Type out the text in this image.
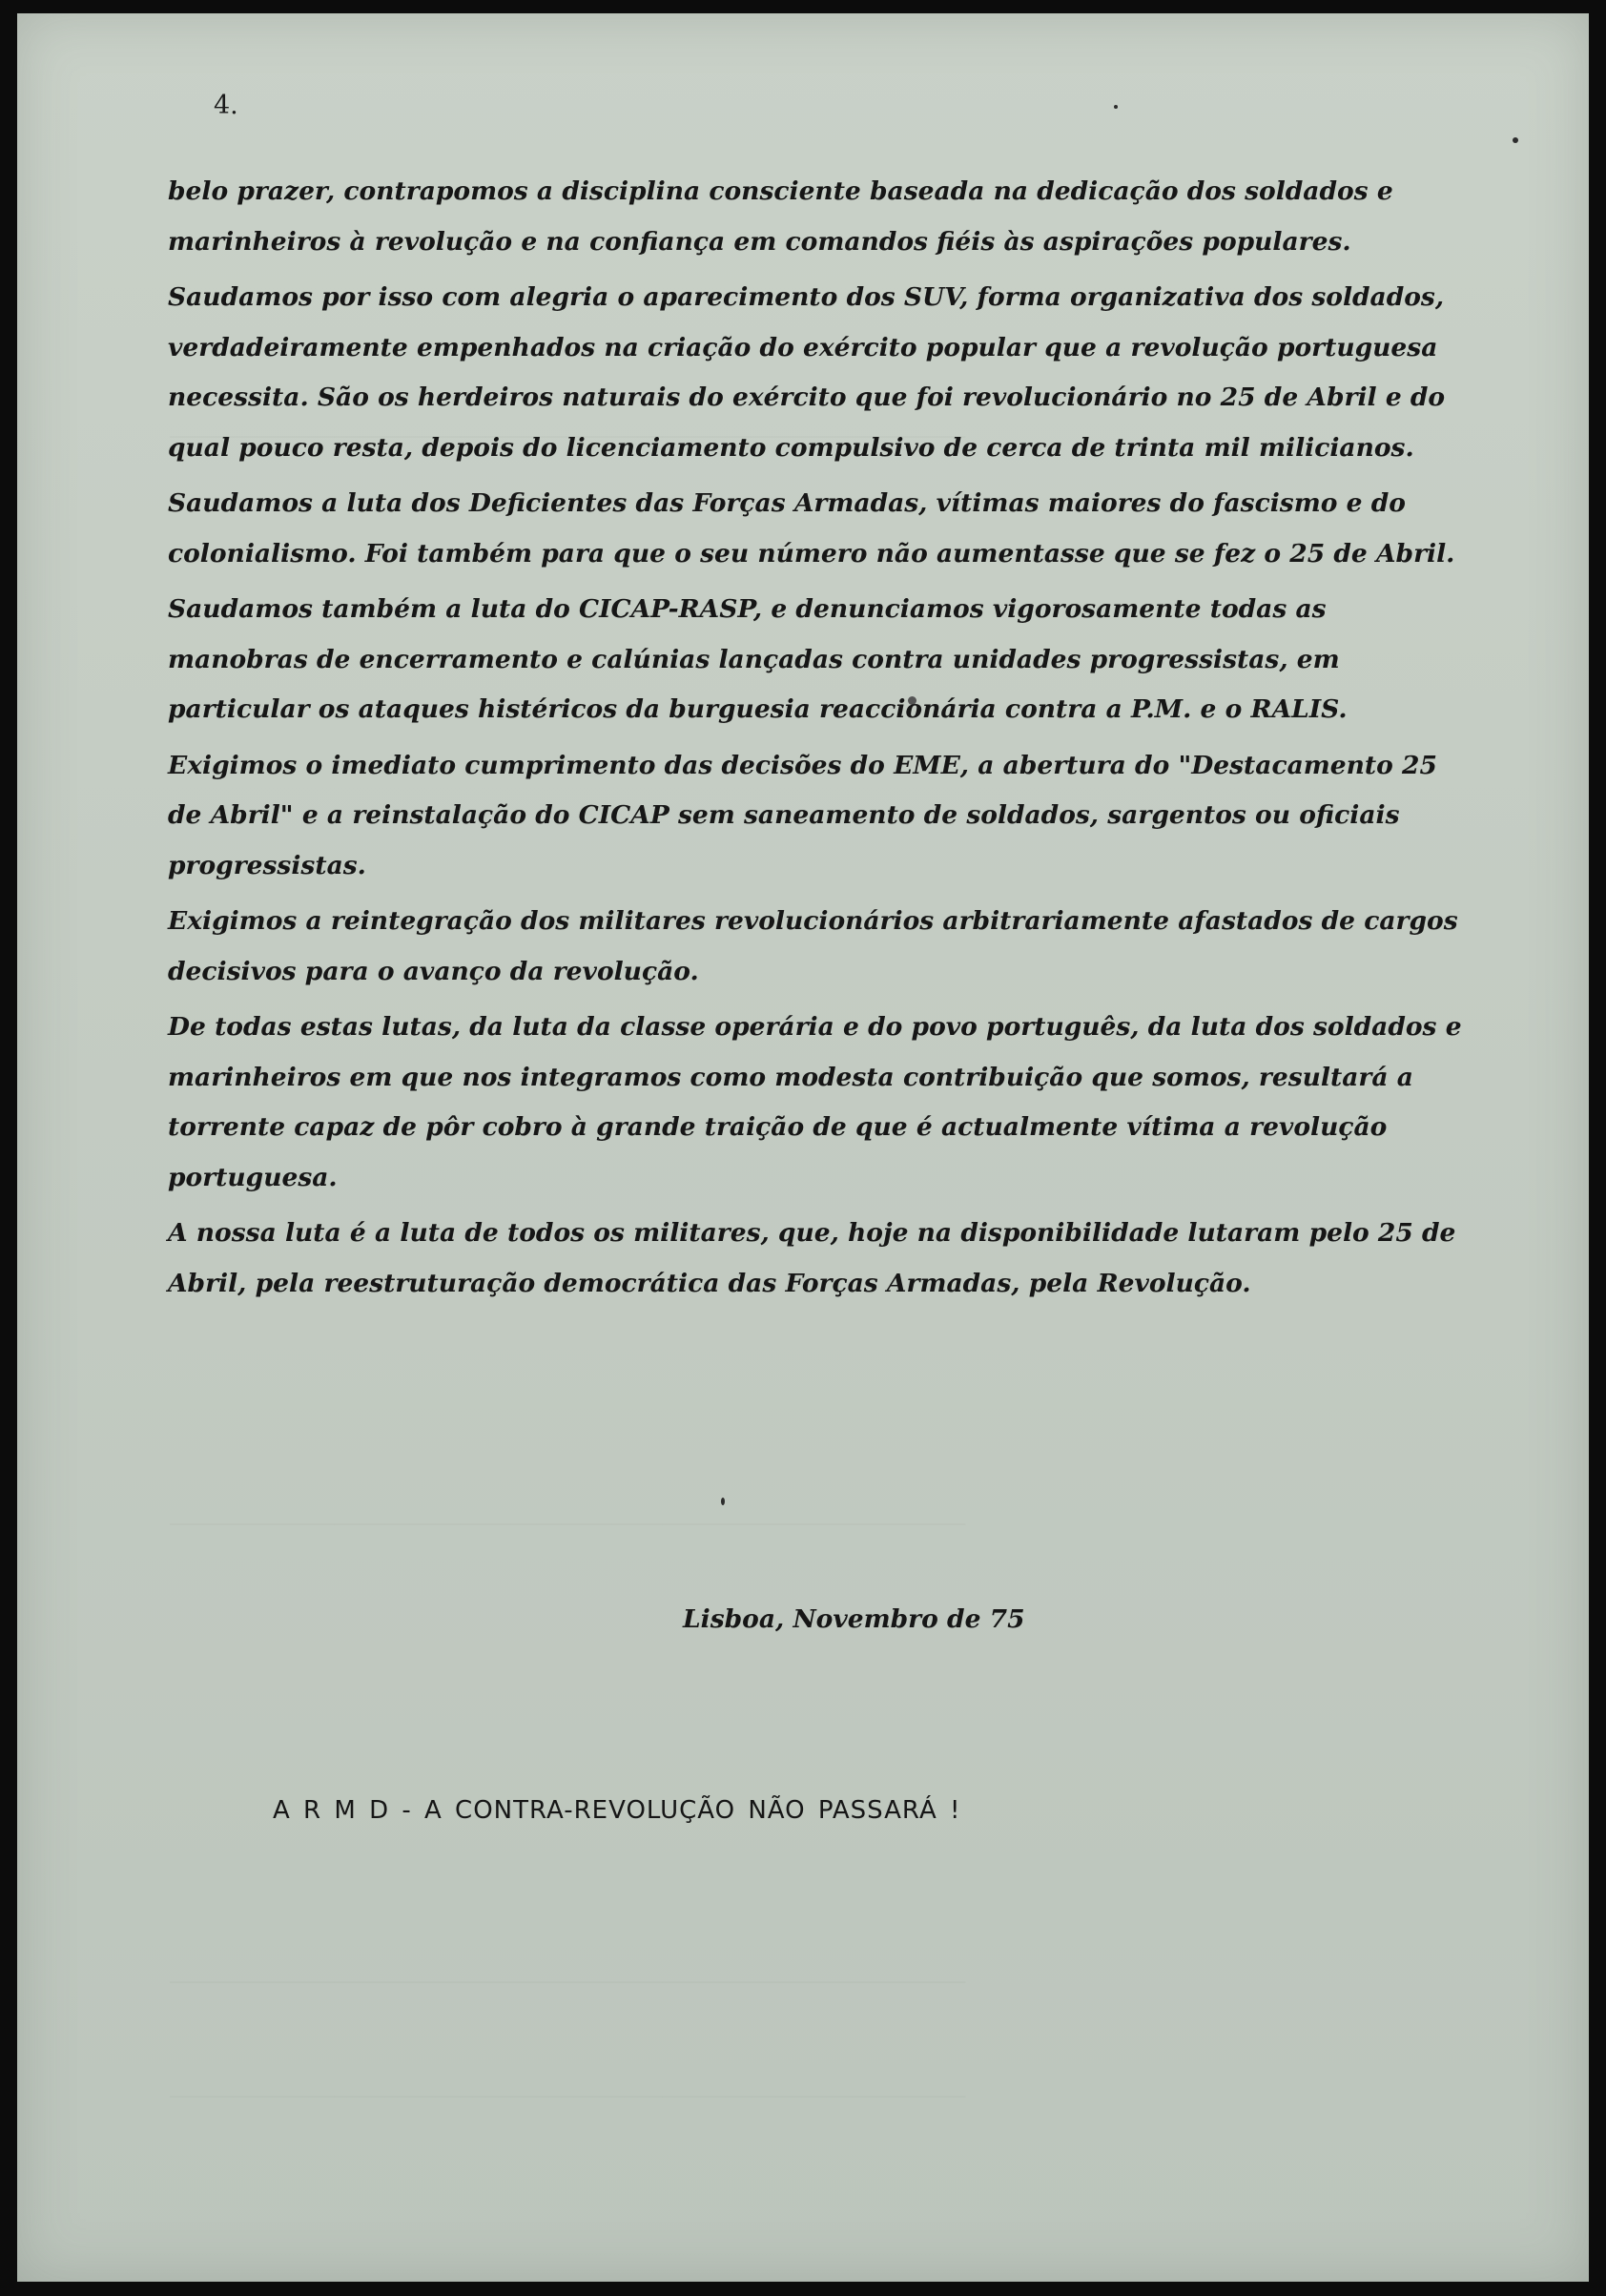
_______________________________________________________________
_______________________________________________________________
_______________________________________________________________
_______________________________________________________________

4.

belo prazer, contrapomos a disciplina consciente baseada na dedicação dos soldados e marinheiros à revolução e na confiança em comandos fiéis às aspirações populares.

Saudamos por isso com alegria o aparecimento dos SUV, forma organizativa dos soldados, verdadeiramente empenhados na criação do exército popular que a revolução portuguesa necessita. São os herdeiros naturais do exército que foi revolucionário no 25 de Abril e do qual pouco resta, depois do licenciamento compulsivo de cerca de trinta mil milicianos.

Saudamos a luta dos Deficientes das Forças Armadas, vítimas maiores do fascismo e do colonialismo. Foi também para que o seu número não aumentasse que se fez o 25 de Abril.

Saudamos também a luta do CICAP-RASP, e denunciamos vigorosamente todas as manobras de encerramento e calúnias lançadas contra unidades progressistas, em particular os ataques histéricos da burguesia reaccionária contra a P.M. e o RALIS.

Exigimos o imediato cumprimento das decisões do EME, a abertura do "Destacamento 25 de Abril" e a reinstalação do CICAP sem saneamento de soldados, sargentos ou oficiais progressistas.

Exigimos a reintegração dos militares revolucionários arbitrariamente afastados de cargos decisivos para o avanço da revolução.

De todas estas lutas, da luta da classe operária e do povo português, da luta dos soldados e marinheiros em que nos integramos como modesta contribuição que somos, resultará a torrente capaz de pôr cobro à grande traição de que é actualmente vítima a revolução portuguesa.

A nossa luta é a luta de todos os militares, que, hoje na disponibilidade lutaram pelo 25 de Abril, pela reestruturação democrática das Forças Armadas, pela Revolução.

Lisboa, Novembro de 75

A R M D - A CONTRA-REVOLUÇÃO NÃO PASSARÁ !
